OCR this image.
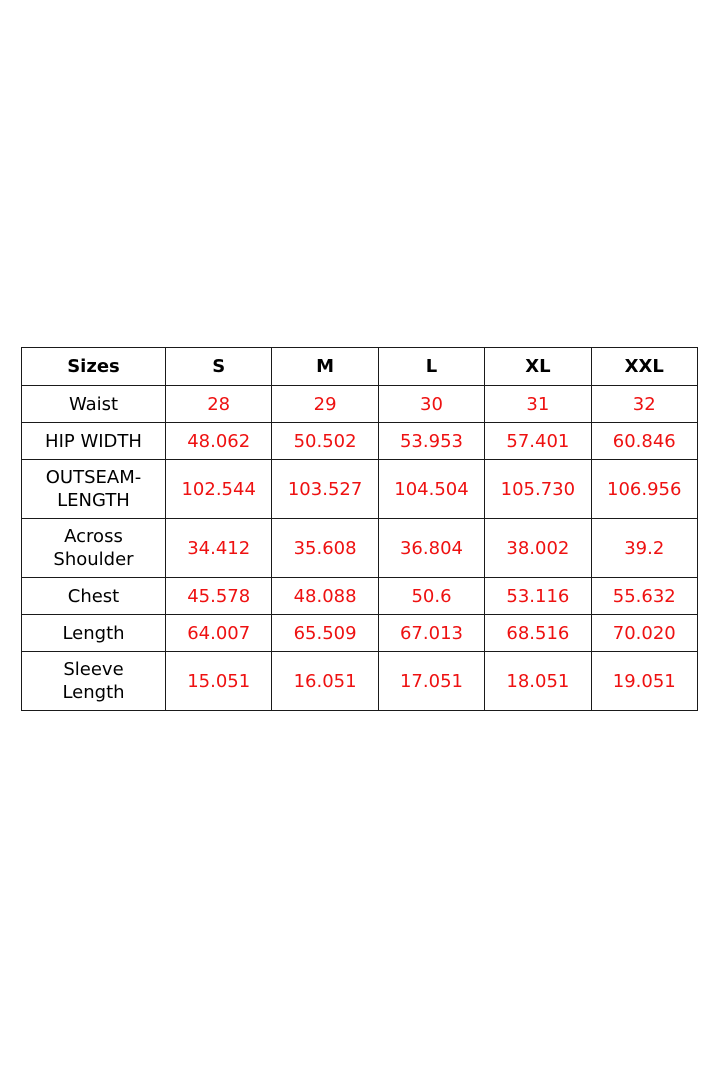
Sizes	S	M	L	XL	XXL

Waist	28	29	30	31	32

HIP WIDTH	48.062	50.502	53.953	57.401	60.846

OUTSEAM-
LENGTH	102.544	103.527	104.504	105.730	106.956

Across
Shoulder	34.412	35.608	36.804	38.002	39.2

Chest	45.578	48.088	50.6	53.116	55.632

Length	64.007	65.509	67.013	68.516	70.020

Sleeve
Length	15.051	16.051	17.051	18.051	19.051
